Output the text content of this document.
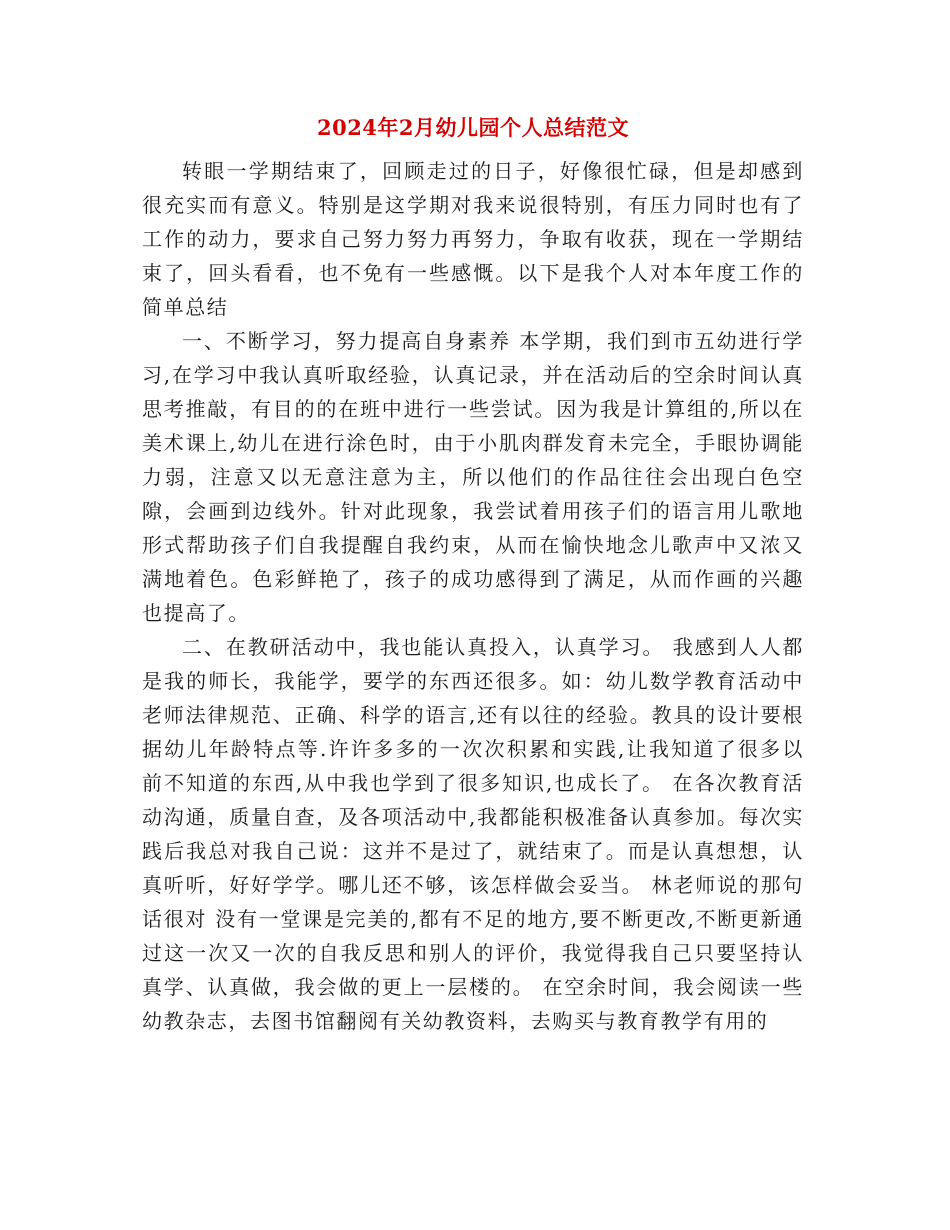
2024年2月幼儿园个人总结范文

转眼一学期结束了，回顾走过的日子，好像很忙碌，但是却感到很充实而有意义。特别是这学期对我来说很特别，有压力同时也有了工作的动力，要求自己努力努力再努力，争取有收获，现在一学期结束了，回头看看，也不免有一些感慨。以下是我个人对本年度工作的简单总结

一、不断学习，努力提高自身素养 本学期，我们到市五幼进行学习,在学习中我认真听取经验，认真记录，并在活动后的空余时间认真思考推敲，有目的的在班中进行一些尝试。因为我是计算组的,所以在美术课上,幼儿在进行涂色时，由于小肌肉群发育未完全，手眼协调能力弱，注意又以无意注意为主，所以他们的作品往往会出现白色空隙，会画到边线外。针对此现象，我尝试着用孩子们的语言用儿歌地形式帮助孩子们自我提醒自我约束，从而在愉快地念儿歌声中又浓又满地着色。色彩鲜艳了，孩子的成功感得到了满足，从而作画的兴趣也提高了。

二、在教研活动中，我也能认真投入，认真学习。 我感到人人都是我的师长，我能学，要学的东西还很多。如：幼儿数学教育活动中老师法律规范、正确、科学的语言,还有以往的经验。教具的设计要根据幼儿年龄特点等.许许多多的一次次积累和实践,让我知道了很多以前不知道的东西,从中我也学到了很多知识,也成长了。 在各次教育活动沟通，质量自查，及各项活动中,我都能积极准备认真参加。每次实践后我总对我自己说：这并不是过了，就结束了。而是认真想想，认真听听，好好学学。哪儿还不够，该怎样做会妥当。 林老师说的那句话很对 没有一堂课是完美的,都有不足的地方,要不断更改,不断更新通过这一次又一次的自我反思和别人的评价，我觉得我自己只要坚持认真学、认真做，我会做的更上一层楼的。 在空余时间，我会阅读一些幼教杂志，去图书馆翻阅有关幼教资料，去购买与教育教学有用的
